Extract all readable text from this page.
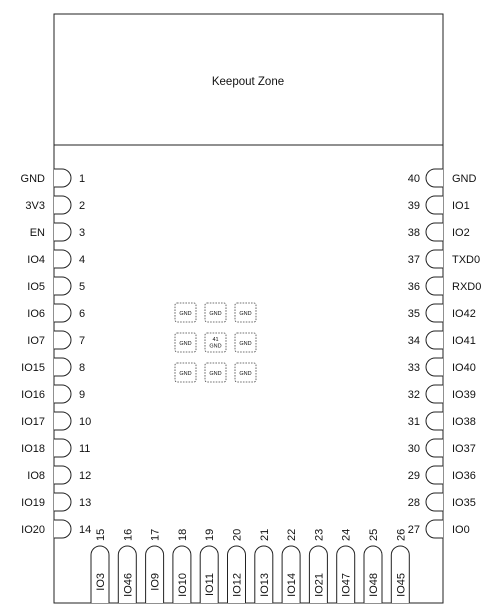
Keepout Zone
GND	1
3V3	2
EN	3
IO4	4
IO5	5
IO6	6
IO7	7
IO15	8
IO16	9
IO17	10
IO18	11
IO8	12
IO19	13
IO20	14
40	GND
39	IO1
38	IO2
37	TXD0
36	RXD0
35	IO42
34	IO41
33	IO40
32	IO39
31	IO38
30	IO37
29	IO36
28	IO35
27	IO0
15
IO3
16
IO46
17
IO9
18
IO10
19
IO11
20
IO12
21
IO13
22
IO14
23
IO21
24
IO47
25
IO48
26
IO45
GND	GND	GND
GND
41
GND	GND
GND	GND	GND
